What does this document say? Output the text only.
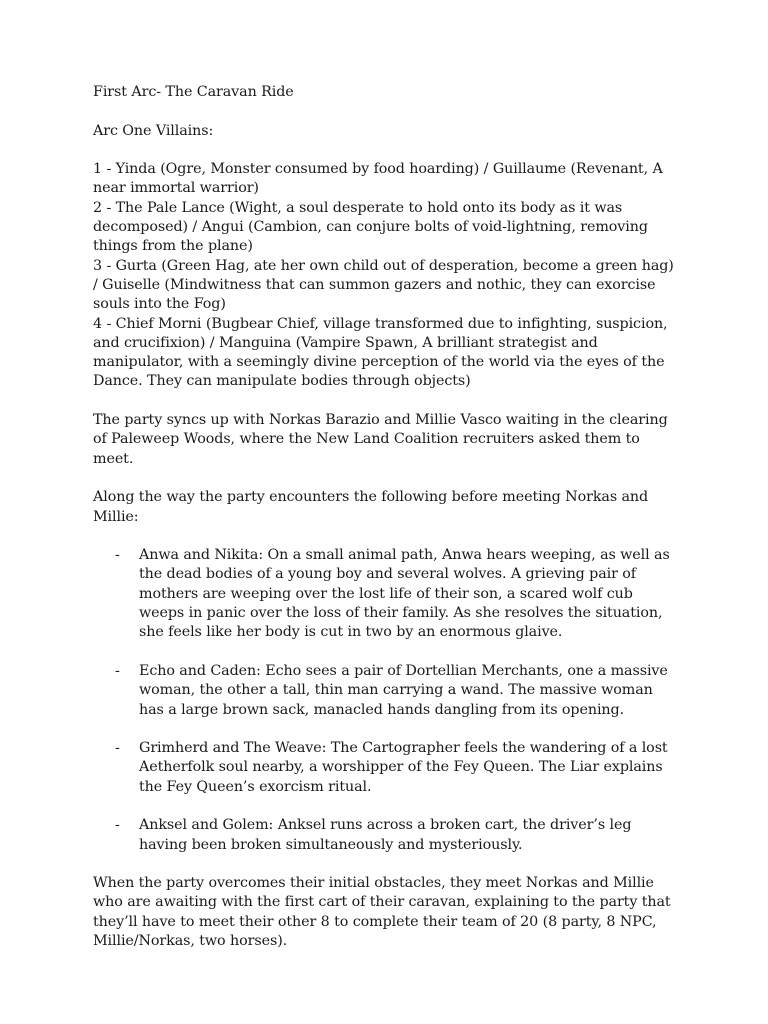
First Arc- The Caravan Ride

Arc One Villains:

1 - Yinda (Ogre, Monster consumed by food hoarding) / Guillaume (Revenant, A near immortal warrior)

2 - The Pale Lance (Wight, a soul desperate to hold onto its body as it was decomposed) / Angui (Cambion, can conjure bolts of void-lightning, removing things from the plane)

3 - Gurta (Green Hag, ate her own child out of desperation, become a green hag) / Guiselle (Mindwitness that can summon gazers and nothic, they can exorcise souls into the Fog)

4 - Chief Morni (Bugbear Chief, village transformed due to infighting, suspicion, and crucifixion) / Manguina (Vampire Spawn, A brilliant strategist and manipulator, with a seemingly divine perception of the world via the eyes of the Dance. They can manipulate bodies through objects)

The party syncs up with Norkas Barazio and Millie Vasco waiting in the clearing of Paleweep Woods, where the New Land Coalition recruiters asked them to meet.

Along the way the party encounters the following before meeting Norkas and Millie:

- Anwa and Nikita: On a small animal path, Anwa hears weeping, as well as the dead bodies of a young boy and several wolves. A grieving pair of mothers are weeping over the lost life of their son, a scared wolf cub weeps in panic over the loss of their family. As she resolves the situation, she feels like her body is cut in two by an enormous glaive.
- Echo and Caden: Echo sees a pair of Dortellian Merchants, one a massive woman, the other a tall, thin man carrying a wand. The massive woman has a large brown sack, manacled hands dangling from its opening.
- Grimherd and The Weave: The Cartographer feels the wandering of a lost Aetherfolk soul nearby, a worshipper of the Fey Queen. The Liar explains the Fey Queen’s exorcism ritual.
- Anksel and Golem: Anksel runs across a broken cart, the driver’s leg having been broken simultaneously and mysteriously.

When the party overcomes their initial obstacles, they meet Norkas and Millie who are awaiting with the first cart of their caravan, explaining to the party that they’ll have to meet their other 8 to complete their team of 20 (8 party, 8 NPC, Millie/Norkas, two horses).
